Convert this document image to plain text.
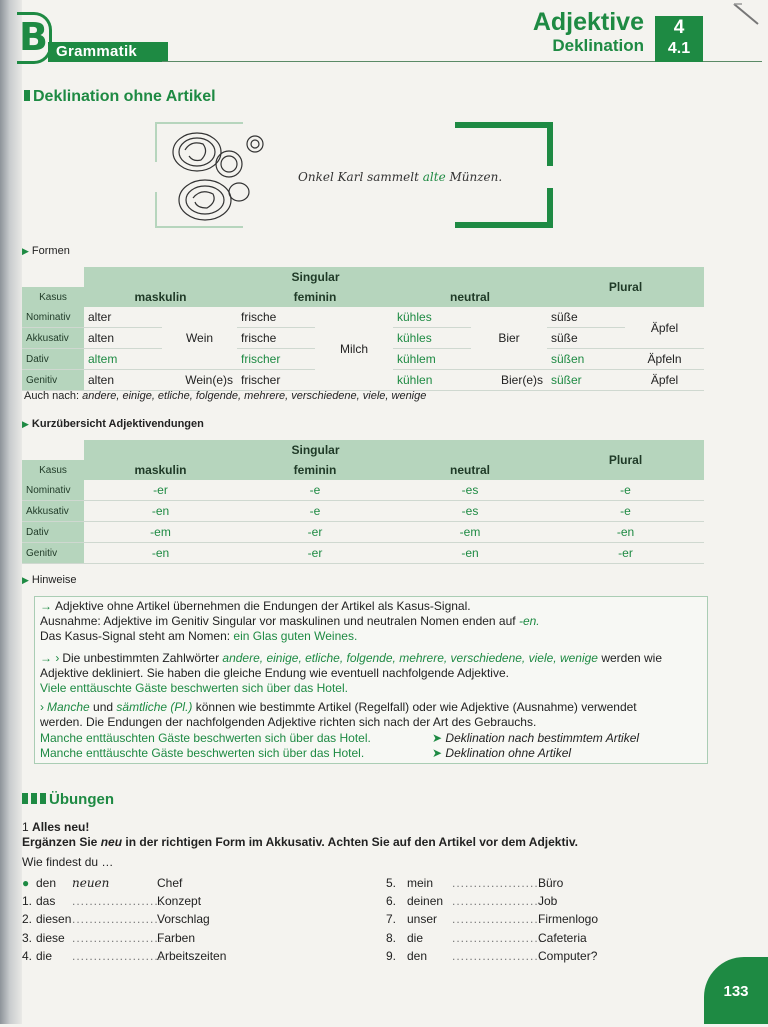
B Grammatik
Adjektive
Deklination
4
4.1
Deklination ohne Artikel
Onkel Karl sammelt alte Münzen.
▶ Formen
	Singular						Plural	
Kasus	maskulin		feminin		neutral			
Nominativ	alter	Wein	frische	Milch	kühles	Bier	süße	Äpfel
Akkusativ	alten		frische		kühles		süße	
Dativ	altem		frischer		kühlem		süßen	Äpfeln
Genitiv	alten	Wein(e)s	frischer		kühlen	Bier(e)s	süßer	Äpfel
Auch nach: andere, einige, etliche, folgende, mehrere, verschiedene, viele, wenige
▶ Kurzübersicht Adjektivendungen
	Singular			Plural
Kasus	maskulin	feminin	neutral	
Nominativ	-er	-e	-es	-e
Akkusativ	-en	-e	-es	-e
Dativ	-em	-er	-em	-en
Genitiv	-en	-er	-en	-er
▶ Hinweise
→ Adjektive ohne Artikel übernehmen die Endungen der Artikel als Kasus-Signal.
Ausnahme: Adjektive im Genitiv Singular vor maskulinen und neutralen Nomen enden auf -en.
Das Kasus-Signal steht am Nomen: ein Glas guten Weines.
→ › Die unbestimmten Zahlwörter andere, einige, etliche, folgende, mehrere, verschiedene, viele, wenige werden wie
Adjektive dekliniert. Sie haben die gleiche Endung wie eventuell nachfolgende Adjektive.
Viele enttäuschte Gäste beschwerten sich über das Hotel.
› Manche und sämtliche (Pl.) können wie bestimmte Artikel (Regelfall) oder wie Adjektive (Ausnahme) verwendet
werden. Die Endungen der nachfolgenden Adjektive richten sich nach der Art des Gebrauchs.
Manche enttäuschten Gäste beschwerten sich über das Hotel.	➤ Deklination nach bestimmtem Artikel
Manche enttäuschte Gäste beschwerten sich über das Hotel.	➤ Deklination ohne Artikel
Übungen
1 Alles neu!
Ergänzen Sie neu in der richtigen Form im Akkusativ. Achten Sie auf den Artikel vor dem Adjektiv.
Wie findest du …
● den neuen	Chef
1. das .....................
Konzept
2. diesen .....................
Vorschlag
3. diese .....................
Farben
4. die .....................
Arbeitszeiten
5. mein .....................
Büro
6. deinen .....................
Job
7. unser .....................
Firmenlogo
8. die .....................
Cafeteria
9. den .....................
Computer?
133
